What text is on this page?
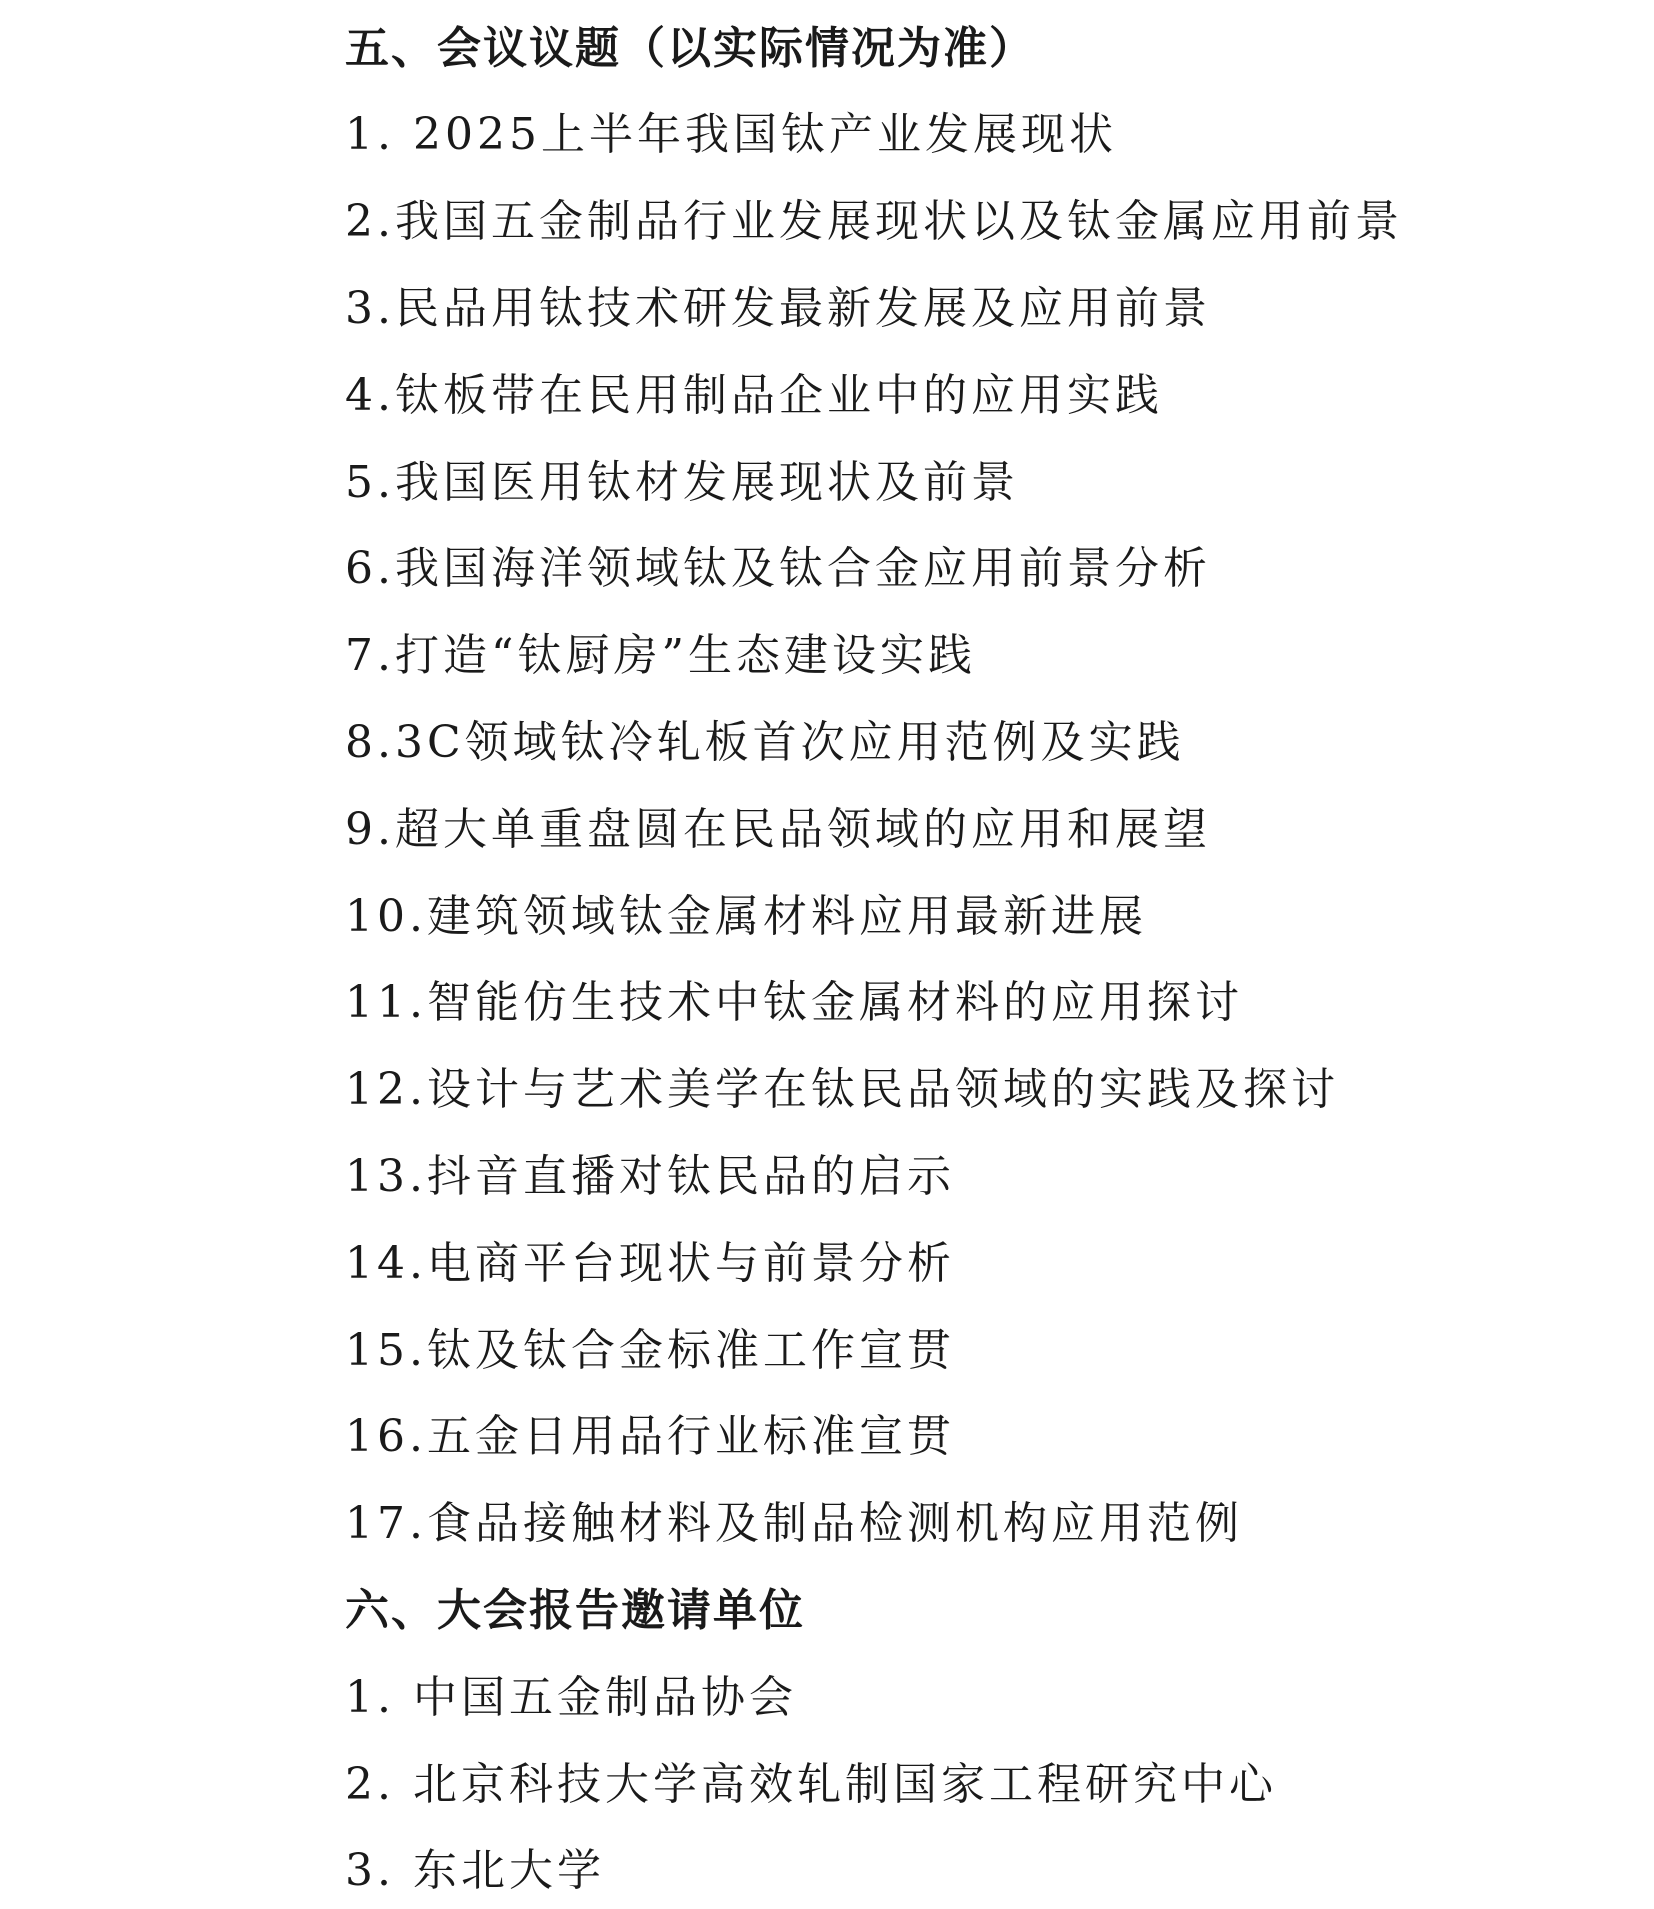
五、会议议题（以实际情况为准）
1. 2025上半年我国钛产业发展现状
2.我国五金制品行业发展现状以及钛金属应用前景
3.民品用钛技术研发最新发展及应用前景
4.钛板带在民用制品企业中的应用实践
5.我国医用钛材发展现状及前景
6.我国海洋领域钛及钛合金应用前景分析
7.打造“钛厨房”生态建设实践
8.3C领域钛冷轧板首次应用范例及实践
9.超大单重盘圆在民品领域的应用和展望
10.建筑领域钛金属材料应用最新进展
11.智能仿生技术中钛金属材料的应用探讨
12.设计与艺术美学在钛民品领域的实践及探讨
13.抖音直播对钛民品的启示
14.电商平台现状与前景分析
15.钛及钛合金标准工作宣贯
16.五金日用品行业标准宣贯
17.食品接触材料及制品检测机构应用范例
六、大会报告邀请单位
1. 中国五金制品协会
2. 北京科技大学高效轧制国家工程研究中心
3. 东北大学
